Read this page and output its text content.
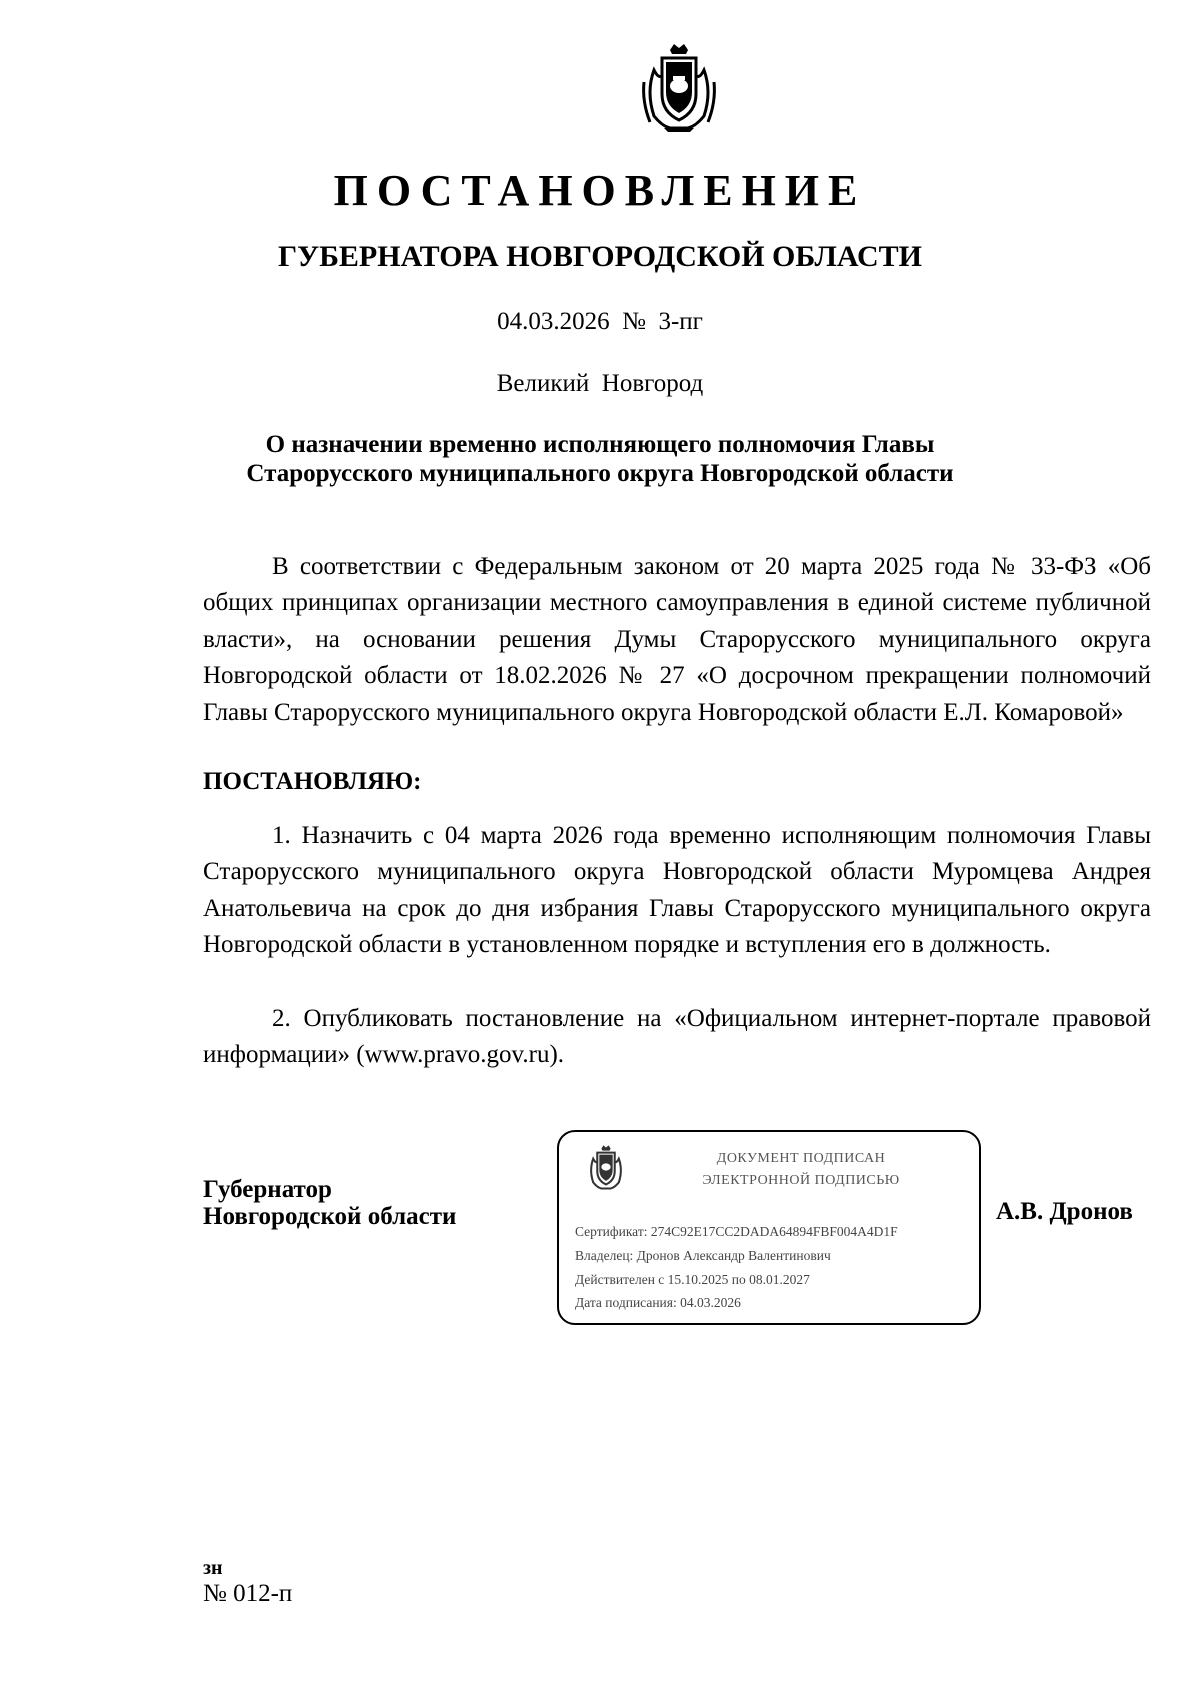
ПОСТАНОВЛЕНИЕ
ГУБЕРНАТОРА НОВГОРОДСКОЙ ОБЛАСТИ
04.03.2026 № 3-пг
Великий Новгород
О назначении временно исполняющего полномочия Главы
Старорусского муниципального округа Новгородской области
В соответствии с Федеральным законом от 20 марта 2025 года № 33-ФЗ «Об общих принципах организации местного самоуправления в единой системе публичной власти», на основании решения Думы Старорусского муниципального округа Новгородской области от 18.02.2026 № 27 «О досрочном прекращении полномочий Главы Старорусского муниципального округа Новгородской области Е.Л. Комаровой»
ПОСТАНОВЛЯЮ:
1. Назначить с 04 марта 2026 года временно исполняющим полномочия Главы Старорусского муниципального округа Новгородской области Муромцева Андрея Анатольевича на срок до дня избрания Главы Старорусского муниципального округа Новгородской области в установленном порядке и вступления его в должность.
2. Опубликовать постановление на «Официальном интернет-портале правовой информации» (www.pravo.gov.ru).
Губернатор
Новгородской области
ДОКУМЕНТ ПОДПИСАН
ЭЛЕКТРОННОЙ ПОДПИСЬЮ
Сертификат: 274C92E17CC2DADA64894FBF004A4D1F
Владелец: Дронов Александр Валентинович
Действителен с 15.10.2025 по 08.01.2027
Дата подписания: 04.03.2026
А.В. Дронов
зн
№ 012-п
